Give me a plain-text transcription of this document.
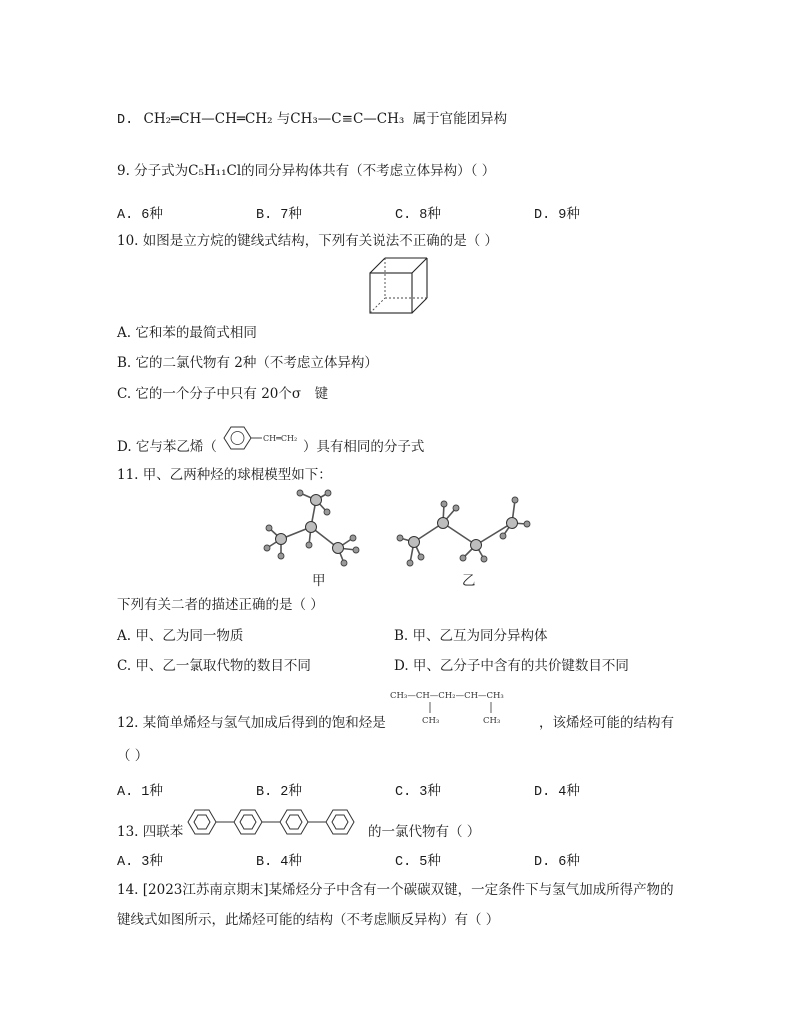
D. CH₂═CH—CH═CH₂ 与CH₃—C≡C—CH₃ 属于官能团异构
9. 分子式为C₅H₁₁Cl的同分异构体共有（不考虑立体异构）（ ）
A. 6种	B. 7种	C. 8种	D. 9种
10. 如图是立方烷的键线式结构，下列有关说法不正确的是（ ）
A. 它和苯的最简式相同
B. 它的二氯代物有 2种（不考虑立体异构）
C. 它的一个分子中只有 20个σ　键
D. 它与苯乙烯（	）具有相同的分子式
CH═CH₂
11. 甲、乙两种烃的球棍模型如下：
甲	乙
下列有关二者的描述正确的是（ ）
A. 甲、乙为同一物质	B. 甲、乙互为同分异构体
C. 甲、乙一氯取代物的数目不同	D. 甲、乙分子中含有的共价键数目不同
12. 某简单烯烃与氢气加成后得到的饱和烃是
CH₃—CH—CH₂—CH—CH₃
CH₃	CH₃	，该烯烃可能的结构有
（ ）
A. 1种	B. 2种	C. 3种	D. 4种
13. 四联苯	的一氯代物有（ ）
A. 3种	B. 4种	C. 5种	D. 6种
14. [2023江苏南京期末]某烯烃分子中含有一个碳碳双键，一定条件下与氢气加成所得产物的
键线式如图所示，此烯烃可能的结构（不考虑顺反异构）有（ ）
